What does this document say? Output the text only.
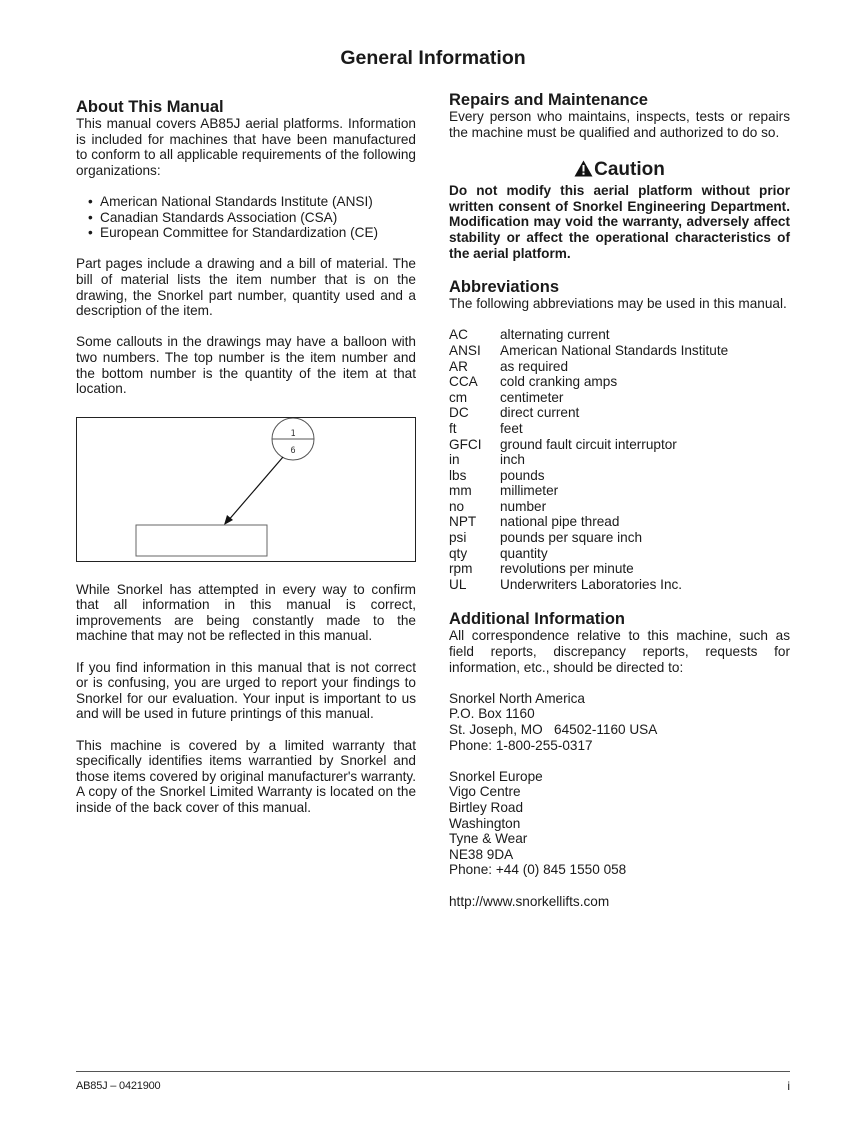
General Information
About This Manual

This manual covers AB85J aerial platforms. Information is included for machines that have been manufactured to conform to all applicable requirements of the following organizations:

• American National Standards Institute (ANSI)
• Canadian Standards Association (CSA)
• European Committee for Standardization (CE)

Part pages include a drawing and a bill of material. The bill of material lists the item number that is on the drawing, the Snorkel part number, quantity used and a description of the item.

Some callouts in the drawings may have a balloon with two numbers. The top number is the item number and the bottom number is the quantity of the item at that location.

1
6

While Snorkel has attempted in every way to confirm that all information in this manual is correct, improvements are being constantly made to the machine that may not be reflected in this manual.

If you find information in this manual that is not correct or is confusing, you are urged to report your findings to Snorkel for our evaluation. Your input is important to us and will be used in future printings of this manual.

This machine is covered by a limited warranty that specifically identifies items warrantied by Snorkel and those items covered by original manufacturer's warranty. A copy of the Snorkel Limited Warranty is located on the inside of the back cover of this manual.

Repairs and Maintenance

Every person who maintains, inspects, tests or repairs the machine must be qualified and authorized to do so.

Caution

Do not modify this aerial platform without prior written consent of Snorkel Engineering Department. Modification may void the warranty, adversely affect stability or affect the operational characteristics of the aerial platform.

Abbreviations

The following abbreviations may be used in this manual.

AC	alternating current
ANSI	American National Standards Institute
AR	as required
CCA	cold cranking amps
cm	centimeter
DC	direct current
ft	feet
GFCI	ground fault circuit interruptor
in	inch
lbs	pounds
mm	millimeter
no	number
NPT	national pipe thread
psi	pounds per square inch
qty	quantity
rpm	revolutions per minute
UL	Underwriters Laboratories Inc.
Additional Information

All correspondence relative to this machine, such as field reports, discrepancy reports, requests for information, etc., should be directed to:

Snorkel North America

P.O. Box 1160

St. Joseph, MO   64502-1160 USA

Phone: 1-800-255-0317

Snorkel Europe

Vigo Centre

Birtley Road

Washington

Tyne & Wear

NE38 9DA

Phone: +44 (0) 845 1550 058

http://www.snorkellifts.com

AB85J – 0421900	i
